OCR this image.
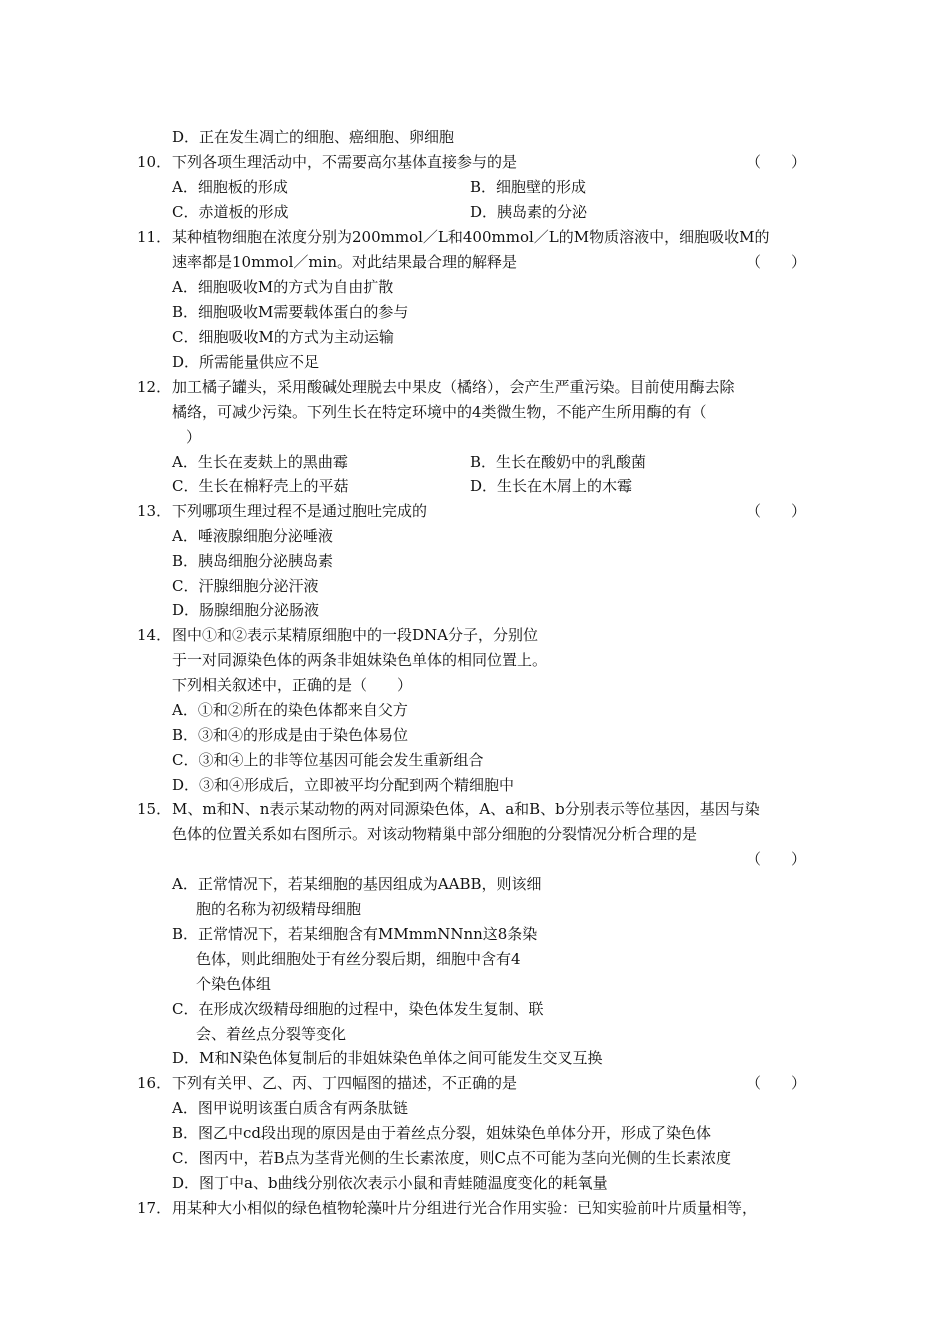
D．正在发生凋亡的细胞、癌细胞、卵细胞
10． 下列各项生理活动中，不需要高尔基体直接参与的是	（　　）
A．细胞板的形成	B．细胞壁的形成
C．赤道板的形成	D．胰岛素的分泌
11． 某种植物细胞在浓度分别为200mmol／L和400mmol／L的M物质溶液中，细胞吸收M的
速率都是10mmol／min。对此结果最合理的解释是	（　　）
A．细胞吸收M的方式为自由扩散
B．细胞吸收M需要载体蛋白的参与
C．细胞吸收M的方式为主动运输
D．所需能量供应不足
12． 加工橘子罐头，采用酸碱处理脱去中果皮（橘络），会产生严重污染。目前使用酶去除
橘络，可减少污染。下列生长在特定环境中的4类微生物，不能产生所用酶的有（
）
A．生长在麦麸上的黑曲霉	B．生长在酸奶中的乳酸菌
C．生长在棉籽壳上的平菇	D．生长在木屑上的木霉
13． 下列哪项生理过程不是通过胞吐完成的	（　　）
A．唾液腺细胞分泌唾液
B．胰岛细胞分泌胰岛素
C．汗腺细胞分泌汗液
D．肠腺细胞分泌肠液
14． 图中①和②表示某精原细胞中的一段DNA分子，分别位
于一对同源染色体的两条非姐妹染色单体的相同位置上。
下列相关叙述中，正确的是（　　）
A．①和②所在的染色体都来自父方
B．③和④的形成是由于染色体易位
C．③和④上的非等位基因可能会发生重新组合
D．③和④形成后，立即被平均分配到两个精细胞中
15． M、m和N、n表示某动物的两对同源染色体，A、a和B、b分别表示等位基因，基因与染
色体的位置关系如右图所示。对该动物精巢中部分细胞的分裂情况分析合理的是
（　　）
A．正常情况下，若某细胞的基因组成为AABB，则该细
胞的名称为初级精母细胞
B．正常情况下，若某细胞含有MMmmNNnn这8条染
色体，则此细胞处于有丝分裂后期，细胞中含有4
个染色体组
C．在形成次级精母细胞的过程中，染色体发生复制、联
会、着丝点分裂等变化
D．M和N染色体复制后的非姐妹染色单体之间可能发生交叉互换
16． 下列有关甲、乙、丙、丁四幅图的描述，不正确的是	（　　）
A．图甲说明该蛋白质含有两条肽链
B．图乙中cd段出现的原因是由于着丝点分裂，姐妹染色单体分开，形成了染色体
C．图丙中，若B点为茎背光侧的生长素浓度，则C点不可能为茎向光侧的生长素浓度
D．图丁中a、b曲线分别依次表示小鼠和青蛙随温度变化的耗氧量
17． 用某种大小相似的绿色植物轮藻叶片分组进行光合作用实验：已知实验前叶片质量相等，
